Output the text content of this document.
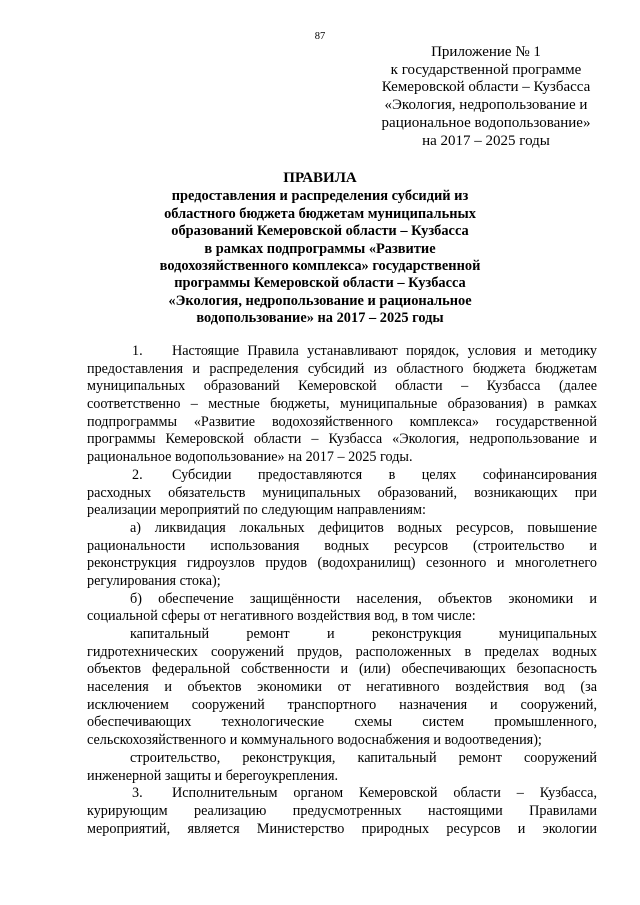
87
Приложение № 1
к государственной программе
Кемеровской области – Кузбасса
«Экология, недропользование и
рациональное водопользование»
на 2017 – 2025 годы
ПРАВИЛА
предоставления и распределения субсидий из
областного бюджета бюджетам муниципальных
образований Кемеровской области – Кузбасса
в рамках подпрограммы «Развитие
водохозяйственного комплекса» государственной
программы Кемеровской области – Кузбасса
«Экология, недропользование и рациональное
водопользование» на 2017 – 2025 годы
1. Настоящие Правила устанавливают порядок, условия и методику
предоставления и распределения субсидий из областного бюджета бюджетам
муниципальных образований Кемеровской области – Кузбасса (далее
соответственно – местные бюджеты, муниципальные образования) в рамках
подпрограммы «Развитие водохозяйственного комплекса» государственной
программы Кемеровской области – Кузбасса «Экология, недропользование и
рациональное водопользование» на 2017 – 2025 годы.
2. Субсидии предоставляются в целях софинансирования
расходных обязательств муниципальных образований, возникающих при
реализации мероприятий по следующим направлениям:
а) ликвидация локальных дефицитов водных ресурсов, повышение
рациональности использования водных ресурсов (строительство и
реконструкция гидроузлов прудов (водохранилищ) сезонного и многолетнего
регулирования стока);
б) обеспечение защищённости населения, объектов экономики и
социальной сферы от негативного воздействия вод, в том числе:
капитальный ремонт и реконструкция муниципальных
гидротехнических сооружений прудов, расположенных в пределах водных
объектов федеральной собственности и (или) обеспечивающих безопасность
населения и объектов экономики от негативного воздействия вод (за
исключением сооружений транспортного назначения и сооружений,
обеспечивающих технологические схемы систем промышленного,
сельскохозяйственного и коммунального водоснабжения и водоотведения);
строительство, реконструкция, капитальный ремонт сооружений
инженерной защиты и берегоукрепления.
3. Исполнительным органом Кемеровской области – Кузбасса,
курирующим реализацию предусмотренных настоящими Правилами
мероприятий, является Министерство природных ресурсов и экологии
